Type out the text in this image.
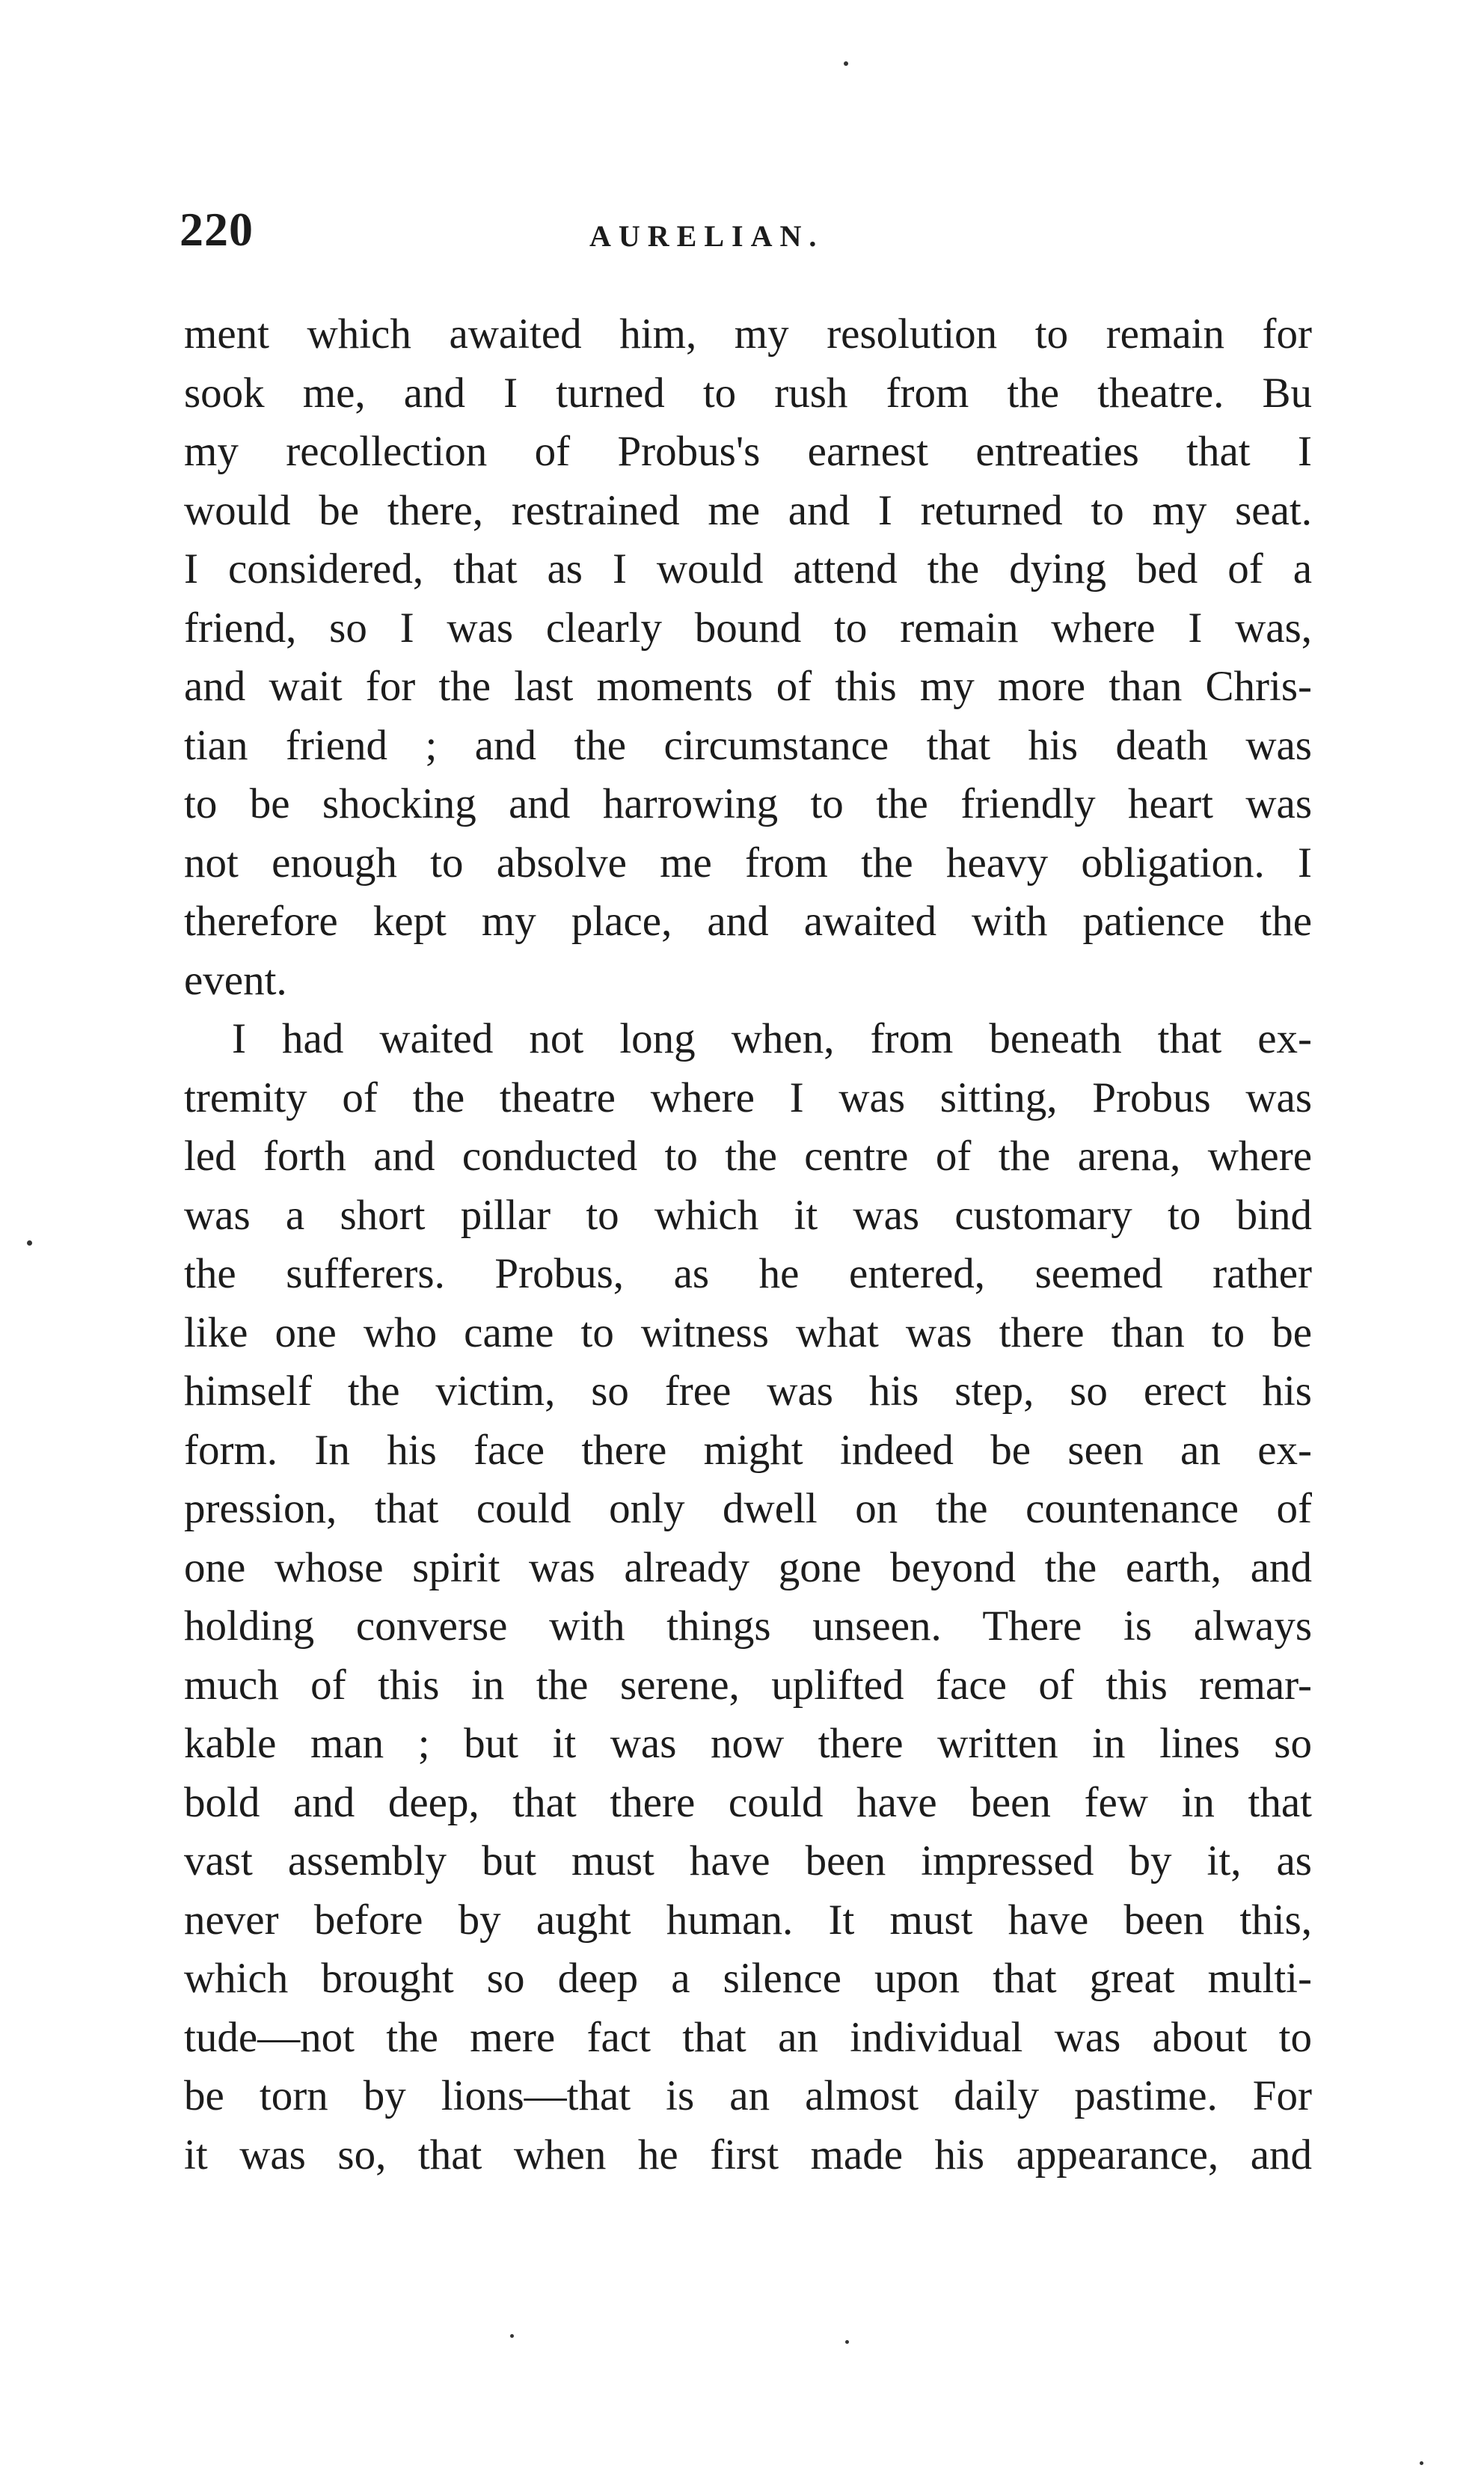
220	AURELIAN.
ment which awaited him, my resolution to remain for
sook me, and I turned to rush from the theatre. Bu
my recollection of Probus's earnest entreaties that I
would be there, restrained me and I returned to my seat.
I considered, that as I would attend the dying bed of a
friend, so I was clearly bound to remain where I was,
and wait for the last moments of this my more than Chris-
tian friend ; and the circumstance that his death was
to be shocking and harrowing to the friendly heart was
not enough to absolve me from the heavy obligation. I
therefore kept my place, and awaited with patience the
event.
I had waited not long when, from beneath that ex-
tremity of the theatre where I was sitting, Probus was
led forth and conducted to the centre of the arena, where
was a short pillar to which it was customary to bind
the sufferers. Probus, as he entered, seemed rather
like one who came to witness what was there than to be
himself the victim, so free was his step, so erect his
form. In his face there might indeed be seen an ex-
pression, that could only dwell on the countenance of
one whose spirit was already gone beyond the earth, and
holding converse with things unseen. There is always
much of this in the serene, uplifted face of this remar-
kable man ; but it was now there written in lines so
bold and deep, that there could have been few in that
vast assembly but must have been impressed by it, as
never before by aught human. It must have been this,
which brought so deep a silence upon that great multi-
tude—not the mere fact that an individual was about to
be torn by lions—that is an almost daily pastime. For
it was so, that when he first made his appearance, and
